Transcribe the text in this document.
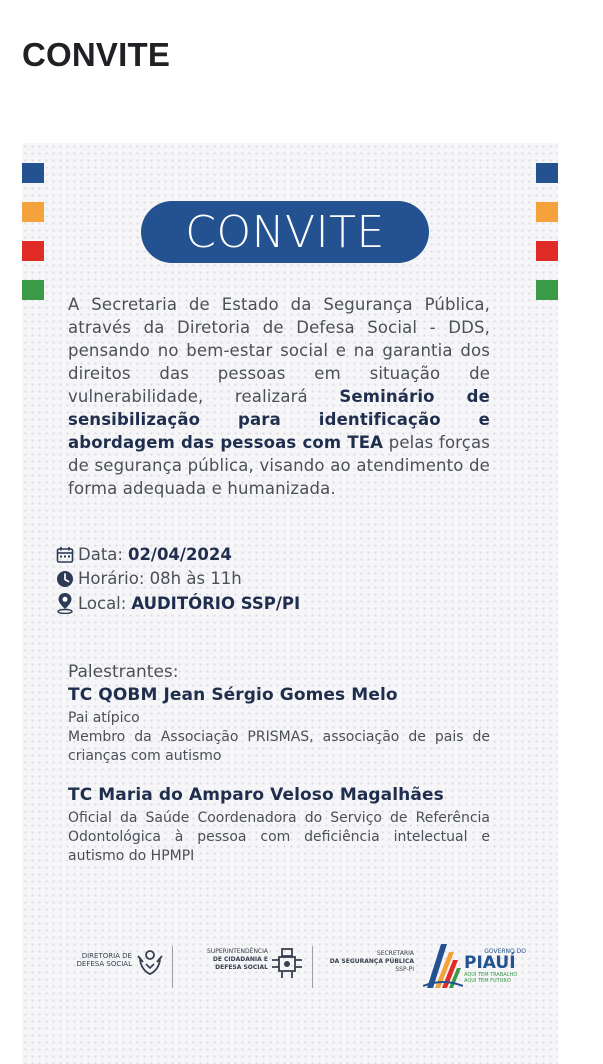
CONVITE
CONVITE

A Secretaria de Estado da Segurança Pública, através da Diretoria de Defesa Social - DDS, pensando no bem-estar social e na garantia dos direitos das pessoas em situação de vulnerabilidade, realizará Seminário de sensibilização para identificação e abordagem das pessoas com TEA pelas forças de segurança pública, visando ao atendimento de forma adequada e humanizada.

Data: 02/04/2024
Horário: 08h às 11h
Local: AUDITÓRIO SSP/PI
Palestrantes:
TC QOBM Jean Sérgio Gomes Melo

Pai atípico

Membro da Associação PRISMAS, associação de pais de crianças com autismo

TC Maria do Amparo Veloso Magalhães

Oficial da Saúde Coordenadora do Serviço de Referência Odontológica à pessoa com deficiência intelectual e autismo do HPMPI

DIRETORIA DE
DEFESA SOCIAL
SUPERINTENDÊNCIA
DE CIDADANIA E
DEFESA SOCIAL
SECRETARIA
DA SEGURANÇA PÚBLICA
SSP-PI
GOVERNO DO
PIAUÍ
AQUI TEM TRABALHO
AQUI TEM FUTURO
